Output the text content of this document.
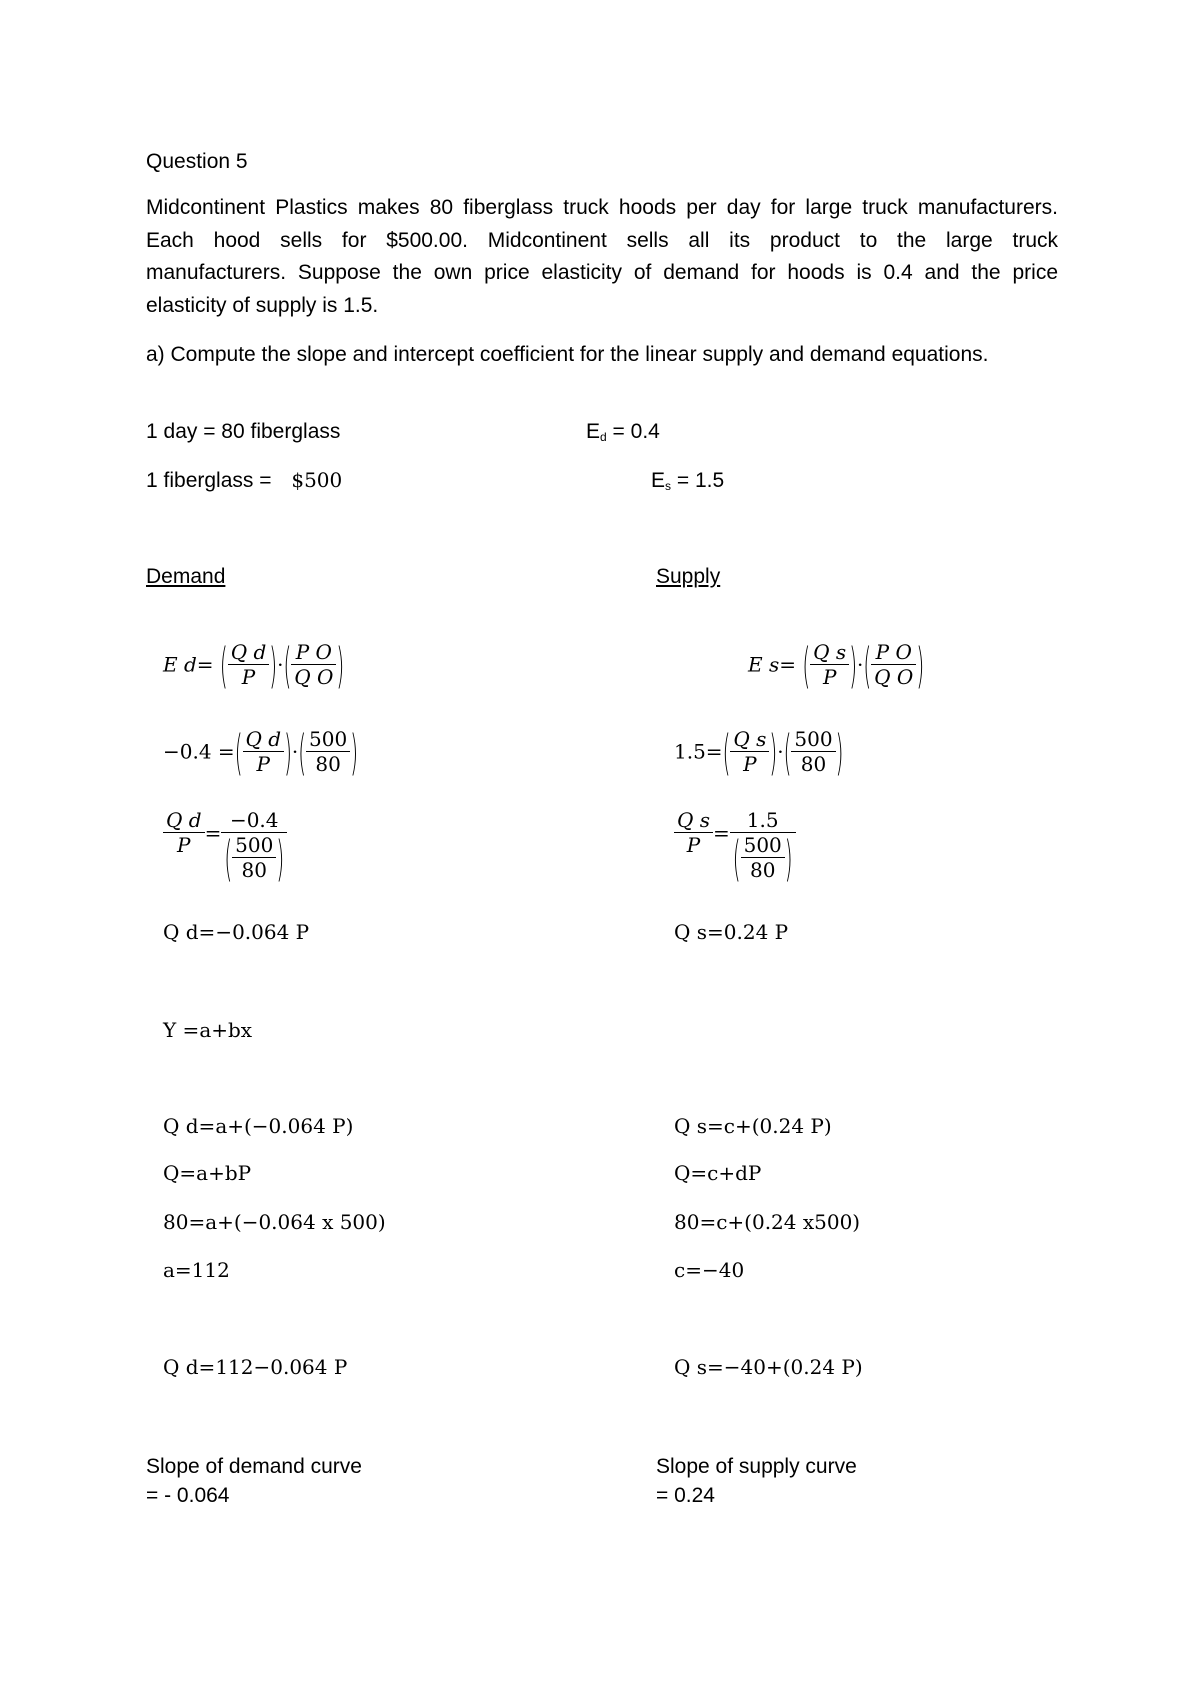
Question 5
Midcontinent Plastics makes 80 fiberglass truck hoods per day for large truck manufacturers.
Each hood sells for $500.00. Midcontinent sells all its product to the large truck
manufacturers. Suppose the own price elasticity of demand for hoods is 0.4 and the price
elasticity of supply is 1.5.
a) Compute the slope and intercept coefficient for the linear supply and demand equations.
1 day = 80 fiberglass
1 fiberglass = $500
Ed = 0.4
Es = 1.5
Demand	Supply
E d= ( $\frac{\text{Q d}}{P}$ )·( $\frac{\text{P O}}{\text{Q O}}$ )
−0.4 =( $\frac{\text{Q d}}{P}$ )·( $\frac{500}{80}$ )
$\frac{\text{Q d}}{P} = \frac{-0.4}{( \frac{500}{80} )}$
Q d=−0.064 P
Y =a+bx
Q d=a+(−0.064 P)
Q=a+bP
80=a+(−0.064 x 500)
a=112
Q d=112−0.064 P
E s= ( $\frac{\text{Q s}}{P}$ )·( $\frac{\text{P O}}{\text{Q O}}$ )
$1.5=( \frac{\text{Q s}}{P}$ )·( $\frac{500}{80}$ )
$\frac{\text{Q s}}{P} = \frac{1.5}{( \frac{500}{80} )}$
Q s=0.24 P
Q s=c+(0.24 P)
Q=c+dP
80=c+(0.24 x500)
c=−40
Q s=−40+(0.24 P)
Slope of demand curve
= - 0.064
Slope of supply curve
= 0.24
